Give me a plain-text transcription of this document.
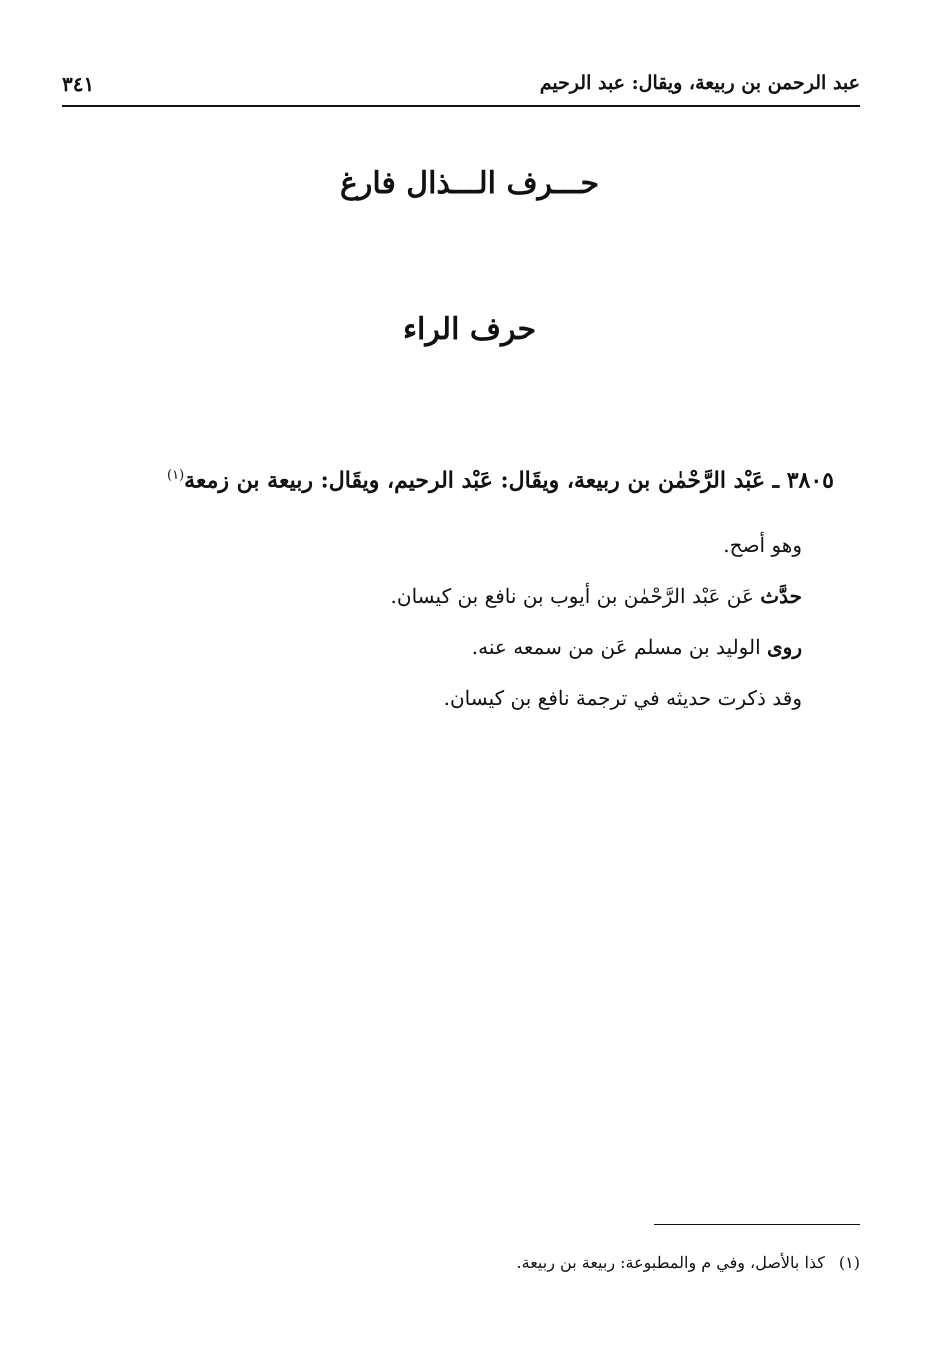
عبد الرحمن بن ربيعة، ويقال: عبد الرحيم
٣٤١
حـــرف الـــذال فارغ
حرف الراء
٣٨٠٥ ـ عَبْد الرَّحْمٰن بن ربيعة، ويقَال: عَبْد الرحيم، ويقَال: ربيعة بن زمعة$^{(١)}$
وهو أصح.
حدَّث عَن عَبْد الرَّحْمٰن بن أيوب بن نافع بن كيسان.
روى الوليد بن مسلم عَن من سمعه عنه.
وقد ذكرت حديثه في ترجمة نافع بن كيسان.
(١)كذا بالأصل، وفي م والمطبوعة: ربيعة بن ربيعة.
